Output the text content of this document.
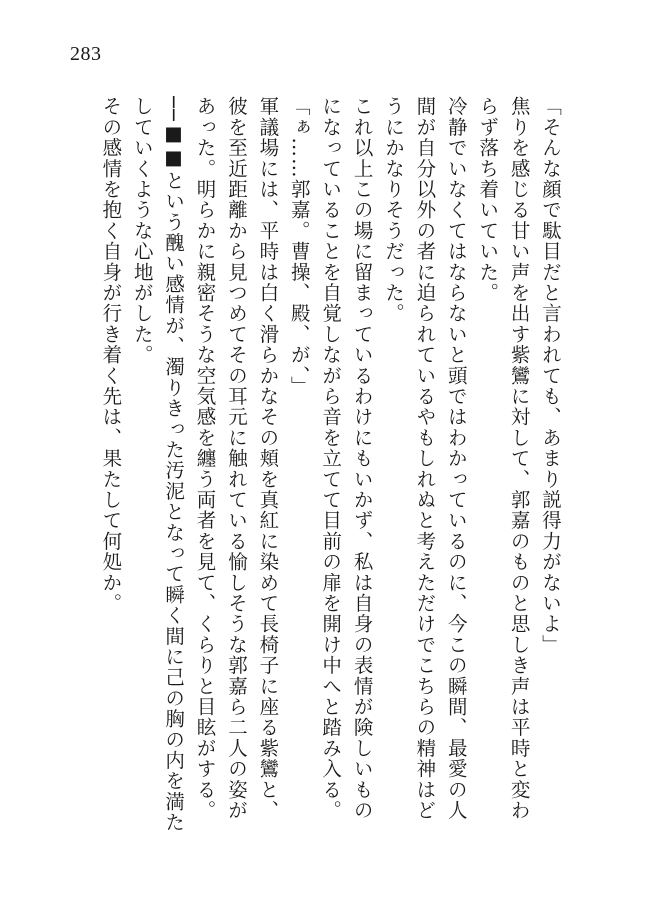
283

「そんな顔で駄目だと言われても、あまり説得力がないよ」

焦りを感じる甘い声を出す紫鸞に対して、郭嘉のものと思しき声は平時と変わらず落ち着いていた。

冷静でいなくてはならないと頭ではわかっているのに、今この瞬間、最愛の人間が自分以外の者に迫られているやもしれぬと考えただけでこちらの精神はどうにかなりそうだった。

これ以上この場に留まっているわけにもいかず、私は自身の表情が険しいものになっていることを自覚しながら音を立てて目前の扉を開け中へと踏み入る。

「ぁ……郭嘉。曹操、殿、が、」

軍議場には、平時は白く滑らかなその頬を真紅に染めて長椅子に座る紫鸞と、彼を至近距離から見つめてその耳元に触れている愉しそうな郭嘉ら二人の姿があった。明らかに親密そうな空気感を纏う両者を見て、くらりと目眩がする。

──■■という醜い感情が、濁りきった汚泥となって瞬く間に己の胸の内を満たしていくような心地がした。

その感情を抱く自身が行き着く先は、果たして何処か。
